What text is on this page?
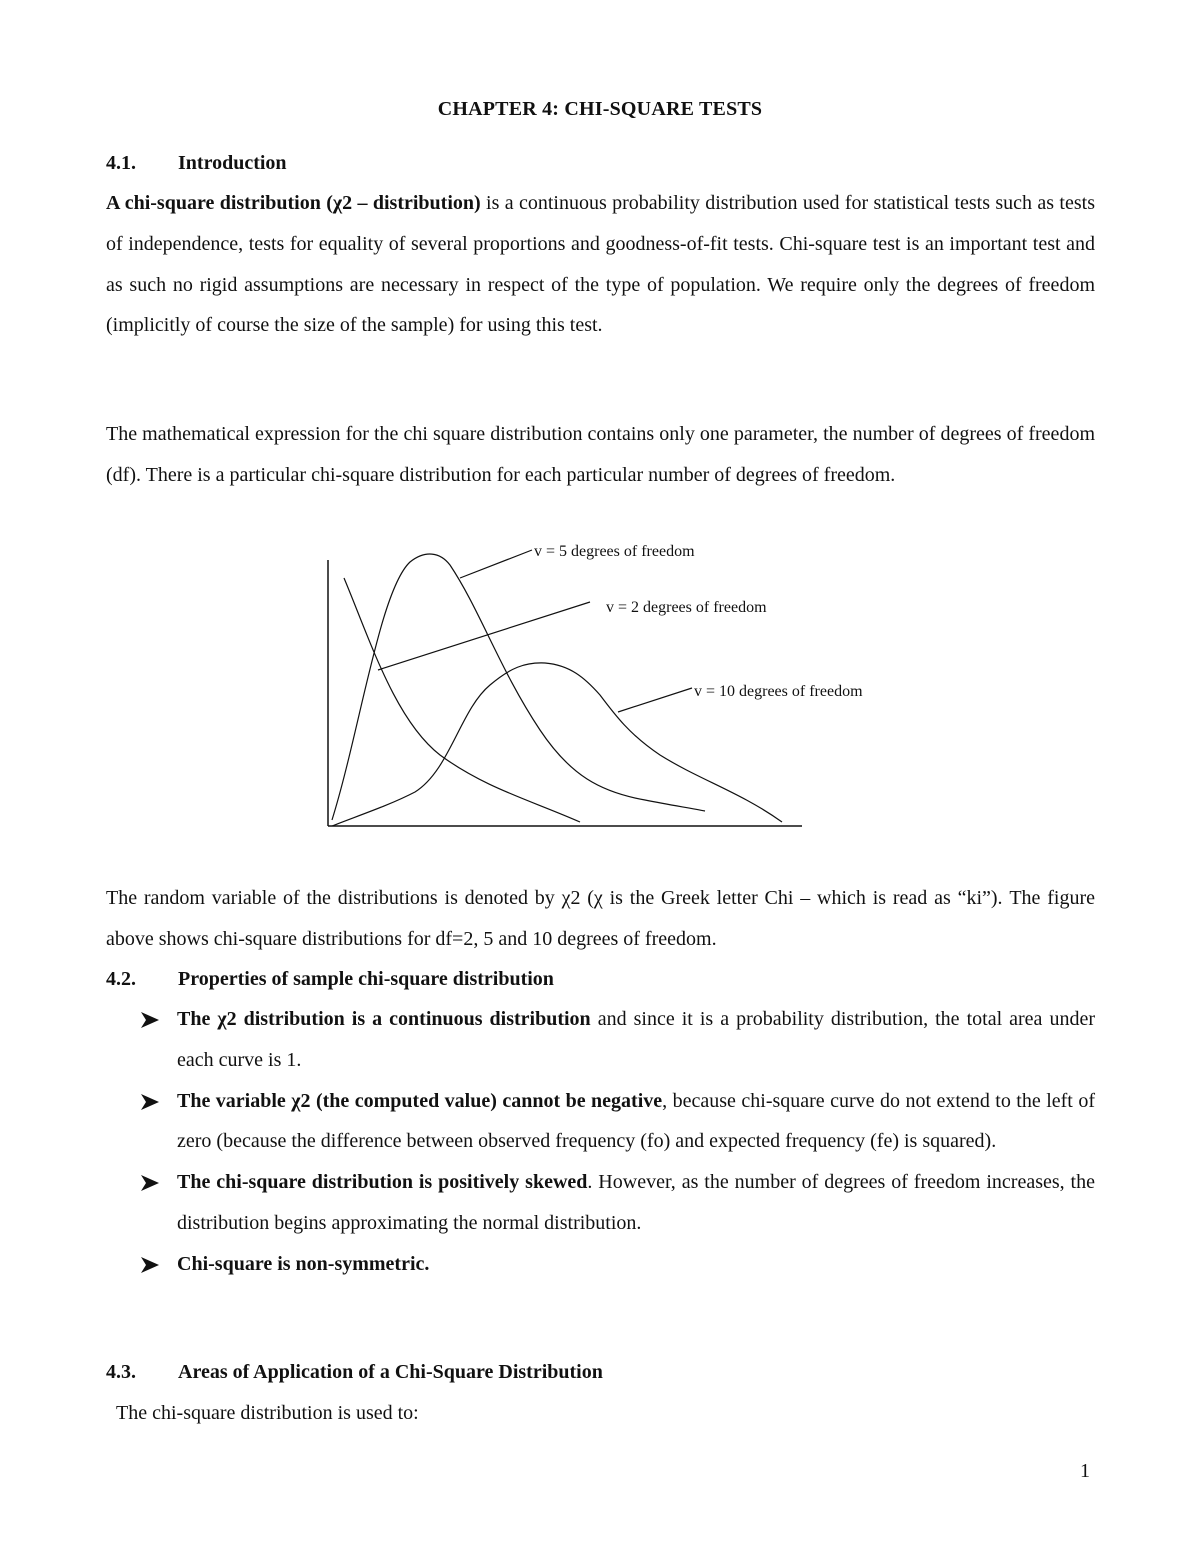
CHAPTER 4: CHI-SQUARE TESTS
4.1. Introduction
A chi-square distribution (χ2 – distribution) is a continuous probability distribution used for statistical tests such as tests of independence, tests for equality of several proportions and goodness-of-fit tests. Chi-square test is an important test and as such no rigid assumptions are necessary in respect of the type of population. We require only the degrees of freedom (implicitly of course the size of the sample) for using this test.
The mathematical expression for the chi square distribution contains only one parameter, the number of degrees of freedom (df). There is a particular chi-square distribution for each particular number of degrees of freedom.
v = 5 degrees of freedom
v = 2 degrees of freedom
v = 10 degrees of freedom
The random variable of the distributions is denoted by χ2 (χ is the Greek letter Chi – which is read as “ki”). The figure above shows chi-square distributions for df=2, 5 and 10 degrees of freedom.
4.2. Properties of sample chi-square distribution
The χ2 distribution is a continuous distribution and since it is a probability distribution, the total area under each curve is 1.
The variable χ2 (the computed value) cannot be negative, because chi-square curve do not extend to the left of zero (because the difference between observed frequency (fo) and expected frequency (fe) is squared).
The chi-square distribution is positively skewed. However, as the number of degrees of freedom increases, the distribution begins approximating the normal distribution.
Chi-square is non-symmetric.
4.3. Areas of Application of a Chi-Square Distribution
The chi-square distribution is used to:
1
